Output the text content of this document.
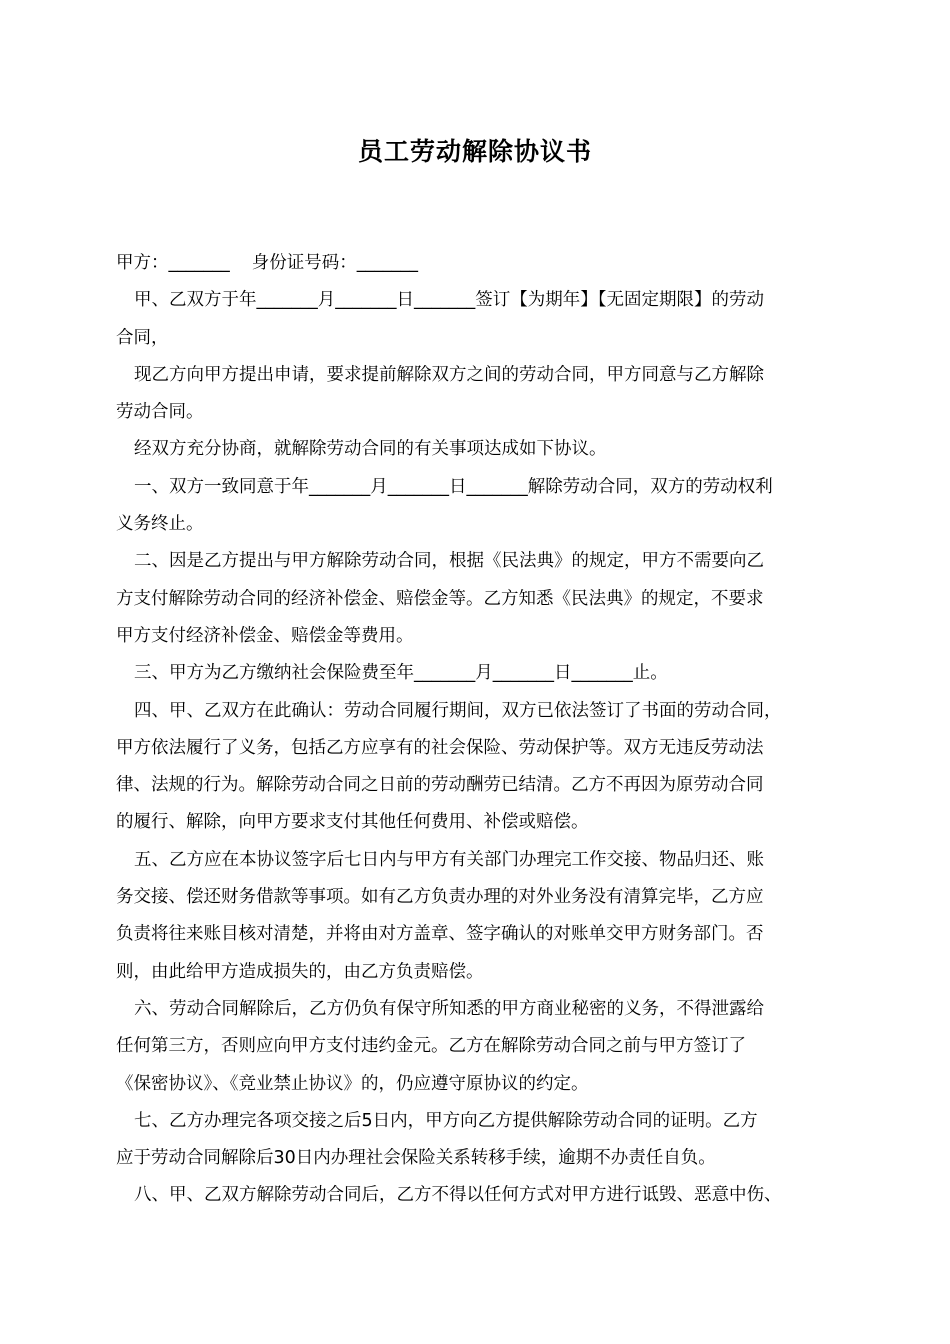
员工劳动解除协议书
甲方：_______ 身份证号码：_______
甲、乙双方于年_______月_______日_______签订【为期年】【无固定期限】的劳动
合同，
现乙方向甲方提出申请，要求提前解除双方之间的劳动合同，甲方同意与乙方解除
劳动合同。
经双方充分协商，就解除劳动合同的有关事项达成如下协议。
一、双方一致同意于年_______月_______日_______解除劳动合同，双方的劳动权利
义务终止。
二、因是乙方提出与甲方解除劳动合同，根据《民法典》的规定，甲方不需要向乙
方支付解除劳动合同的经济补偿金、赔偿金等。乙方知悉《民法典》的规定，不要求
甲方支付经济补偿金、赔偿金等费用。
三、甲方为乙方缴纳社会保险费至年_______月_______日_______止。
四、甲、乙双方在此确认：劳动合同履行期间，双方已依法签订了书面的劳动合同，
甲方依法履行了义务，包括乙方应享有的社会保险、劳动保护等。双方无违反劳动法
律、法规的行为。解除劳动合同之日前的劳动酬劳已结清。乙方不再因为原劳动合同
的履行、解除，向甲方要求支付其他任何费用、补偿或赔偿。
五、乙方应在本协议签字后七日内与甲方有关部门办理完工作交接、物品归还、账
务交接、偿还财务借款等事项。如有乙方负责办理的对外业务没有清算完毕，乙方应
负责将往来账目核对清楚，并将由对方盖章、签字确认的对账单交甲方财务部门。否
则，由此给甲方造成损失的，由乙方负责赔偿。
六、劳动合同解除后，乙方仍负有保守所知悉的甲方商业秘密的义务，不得泄露给
任何第三方，否则应向甲方支付违约金元。乙方在解除劳动合同之前与甲方签订了
《保密协议》、《竞业禁止协议》的，仍应遵守原协议的约定。
七、乙方办理完各项交接之后5日内，甲方向乙方提供解除劳动合同的证明。乙方
应于劳动合同解除后30日内办理社会保险关系转移手续，逾期不办责任自负。
八、甲、乙双方解除劳动合同后，乙方不得以任何方式对甲方进行诋毁、恶意中伤、
